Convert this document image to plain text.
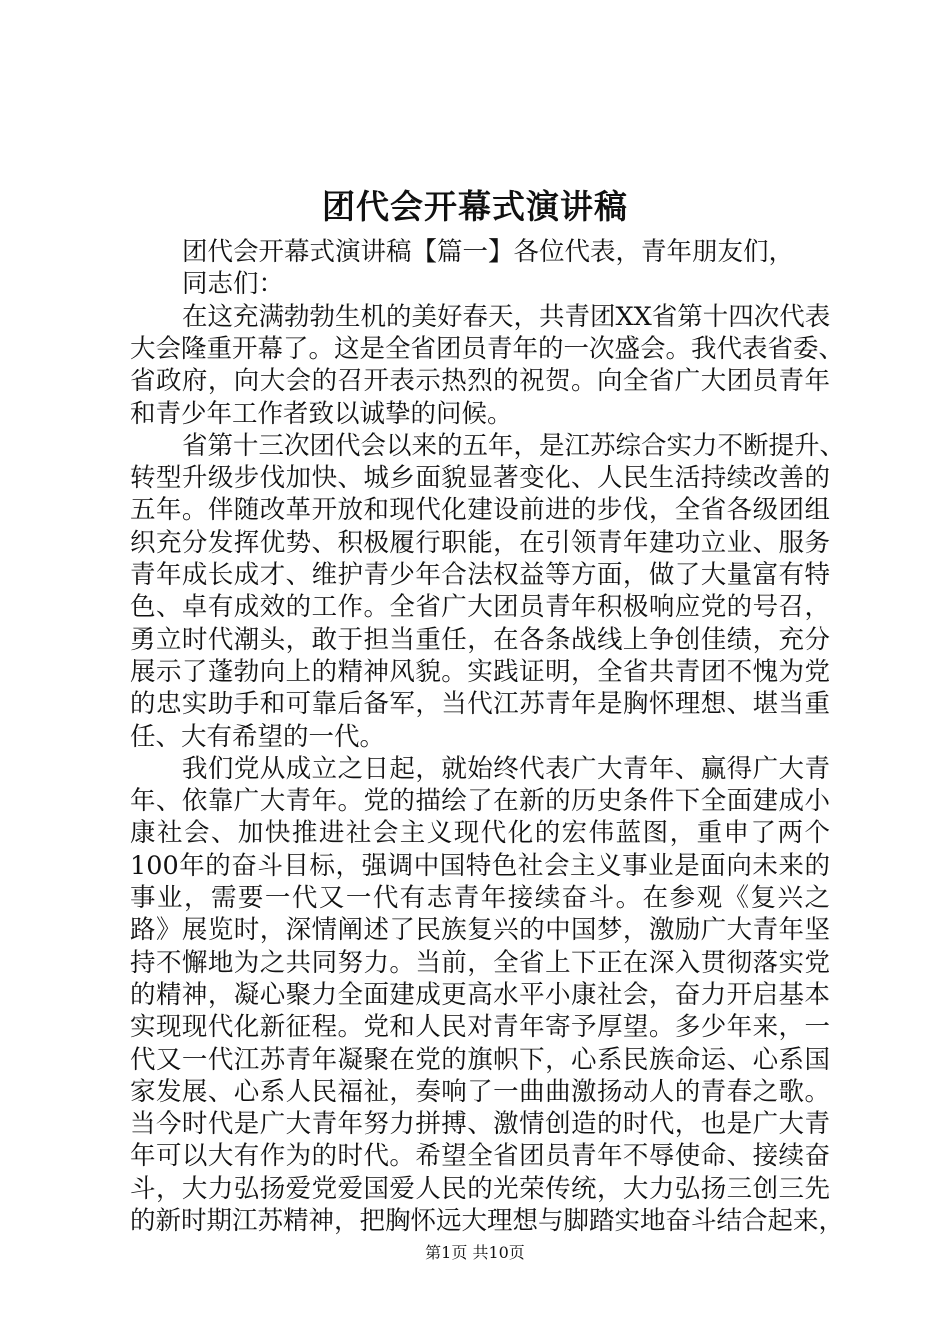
团代会开幕式演讲稿
团代会开幕式演讲稿【篇一】各位代表，青年朋友们，
同志们：
在这充满勃勃生机的美好春天，共青团XX省第十四次代表
大会隆重开幕了。这是全省团员青年的一次盛会。我代表省委、
省政府，向大会的召开表示热烈的祝贺。向全省广大团员青年
和青少年工作者致以诚挚的问候。
省第十三次团代会以来的五年，是江苏综合实力不断提升、
转型升级步伐加快、城乡面貌显著变化、人民生活持续改善的
五年。伴随改革开放和现代化建设前进的步伐，全省各级团组
织充分发挥优势、积极履行职能，在引领青年建功立业、服务
青年成长成才、维护青少年合法权益等方面，做了大量富有特
色、卓有成效的工作。全省广大团员青年积极响应党的号召，
勇立时代潮头，敢于担当重任，在各条战线上争创佳绩，充分
展示了蓬勃向上的精神风貌。实践证明，全省共青团不愧为党
的忠实助手和可靠后备军，当代江苏青年是胸怀理想、堪当重
任、大有希望的一代。
我们党从成立之日起，就始终代表广大青年、赢得广大青
年、依靠广大青年。党的描绘了在新的历史条件下全面建成小
康社会、加快推进社会主义现代化的宏伟蓝图，重申了两个
100年的奋斗目标，强调中国特色社会主义事业是面向未来的
事业，需要一代又一代有志青年接续奋斗。在参观《复兴之
路》展览时，深情阐述了民族复兴的中国梦，激励广大青年坚
持不懈地为之共同努力。当前，全省上下正在深入贯彻落实党
的精神，凝心聚力全面建成更高水平小康社会，奋力开启基本
实现现代化新征程。党和人民对青年寄予厚望。多少年来，一
代又一代江苏青年凝聚在党的旗帜下，心系民族命运、心系国
家发展、心系人民福祉，奏响了一曲曲激扬动人的青春之歌。
当今时代是广大青年努力拼搏、激情创造的时代，也是广大青
年可以大有作为的时代。希望全省团员青年不辱使命、接续奋
斗，大力弘扬爱党爱国爱人民的光荣传统，大力弘扬三创三先
的新时期江苏精神，把胸怀远大理想与脚踏实地奋斗结合起来，
第1页 共10页
